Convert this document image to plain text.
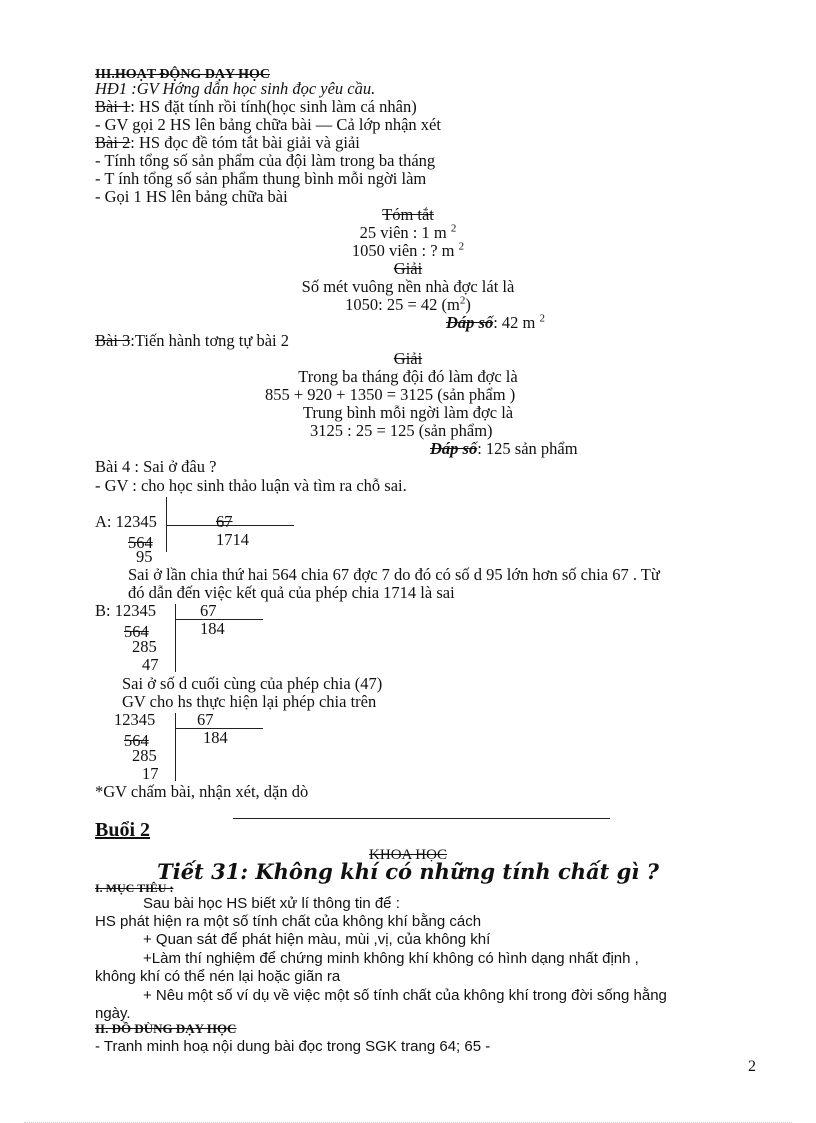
III.HOẠT ĐỘNG DẠY HỌC
HĐ1 :GV Hớng dẫn học sinh đọc yêu cầu.
Bài 1: HS đặt tính rồi tính(học sinh làm cá nhân)
- GV gọi 2 HS lên bảng chữa bài — Cả lớp nhận xét
Bài 2: HS đọc đề tóm tắt bài giải và giải
- Tính tổng số sản phẩm của đội làm trong ba tháng
- T ính tổng số sản phẩm thung bình mỗi ngời làm
- Gọi 1 HS lên bảng chữa bài
Tóm tắt
25 viên : 1 m $^2$
1050 viên : ? m $^2$
Giải
Số mét vuông nền nhà đợc lát là
1050: 25 = 42 $(m^2)$
Đáp số: 42 m $^2$
Bài 3:Tiến hành tơng tự bài 2
Giải
Trong ba tháng đội đó làm đợc là
855 + 920 + 1350 = 3125 (sản phẩm )
Trung bình mỗi ngời làm đợc là
3125 : 25 = 125 (sản phẩm)
Đáp số: 125 sản phẩm
Bài 4 : Sai ở đâu ?
- GV : cho học sinh thảo luận và tìm ra chỗ sai.
A: 12345	67
1714
564
95
Sai ở lần chia thứ hai 564 chia 67 đợc 7 do đó có số d 95 lớn hơn số chia 67 . Từ
đó dẫn đến việc kết quả của phép chia 1714 là sai
B: 12345	67
184
564
285
47
Sai ở số d cuối cùng của phép chia (47)
GV cho hs thực hiện lại phép chia trên
12345	67
184
564
285
17
*GV chấm bài, nhận xét, dặn dò
Buổi 2
KHOA HỌC
Tiết 31: Không khí có những tính chất gì ?
I. MỤC TIÊU :
Sau bài học HS biết xử lí thông tin để :
HS phát hiện ra một số tính chất của không khí bằng cách
+ Quan sát để phát hiện màu, mùi ,vị, của không khí
+Làm thí nghiệm để chứng minh không khí không có hình dạng nhất định ,
không khí có thể nén lại hoặc giãn ra
+ Nêu một số ví dụ về việc một số tính chất của không khí trong đời sống hằng
ngày.
II. ĐỒ DÙNG DẠY HỌC
- Tranh minh hoạ nội dung bài đọc trong SGK trang 64; 65 -
2
